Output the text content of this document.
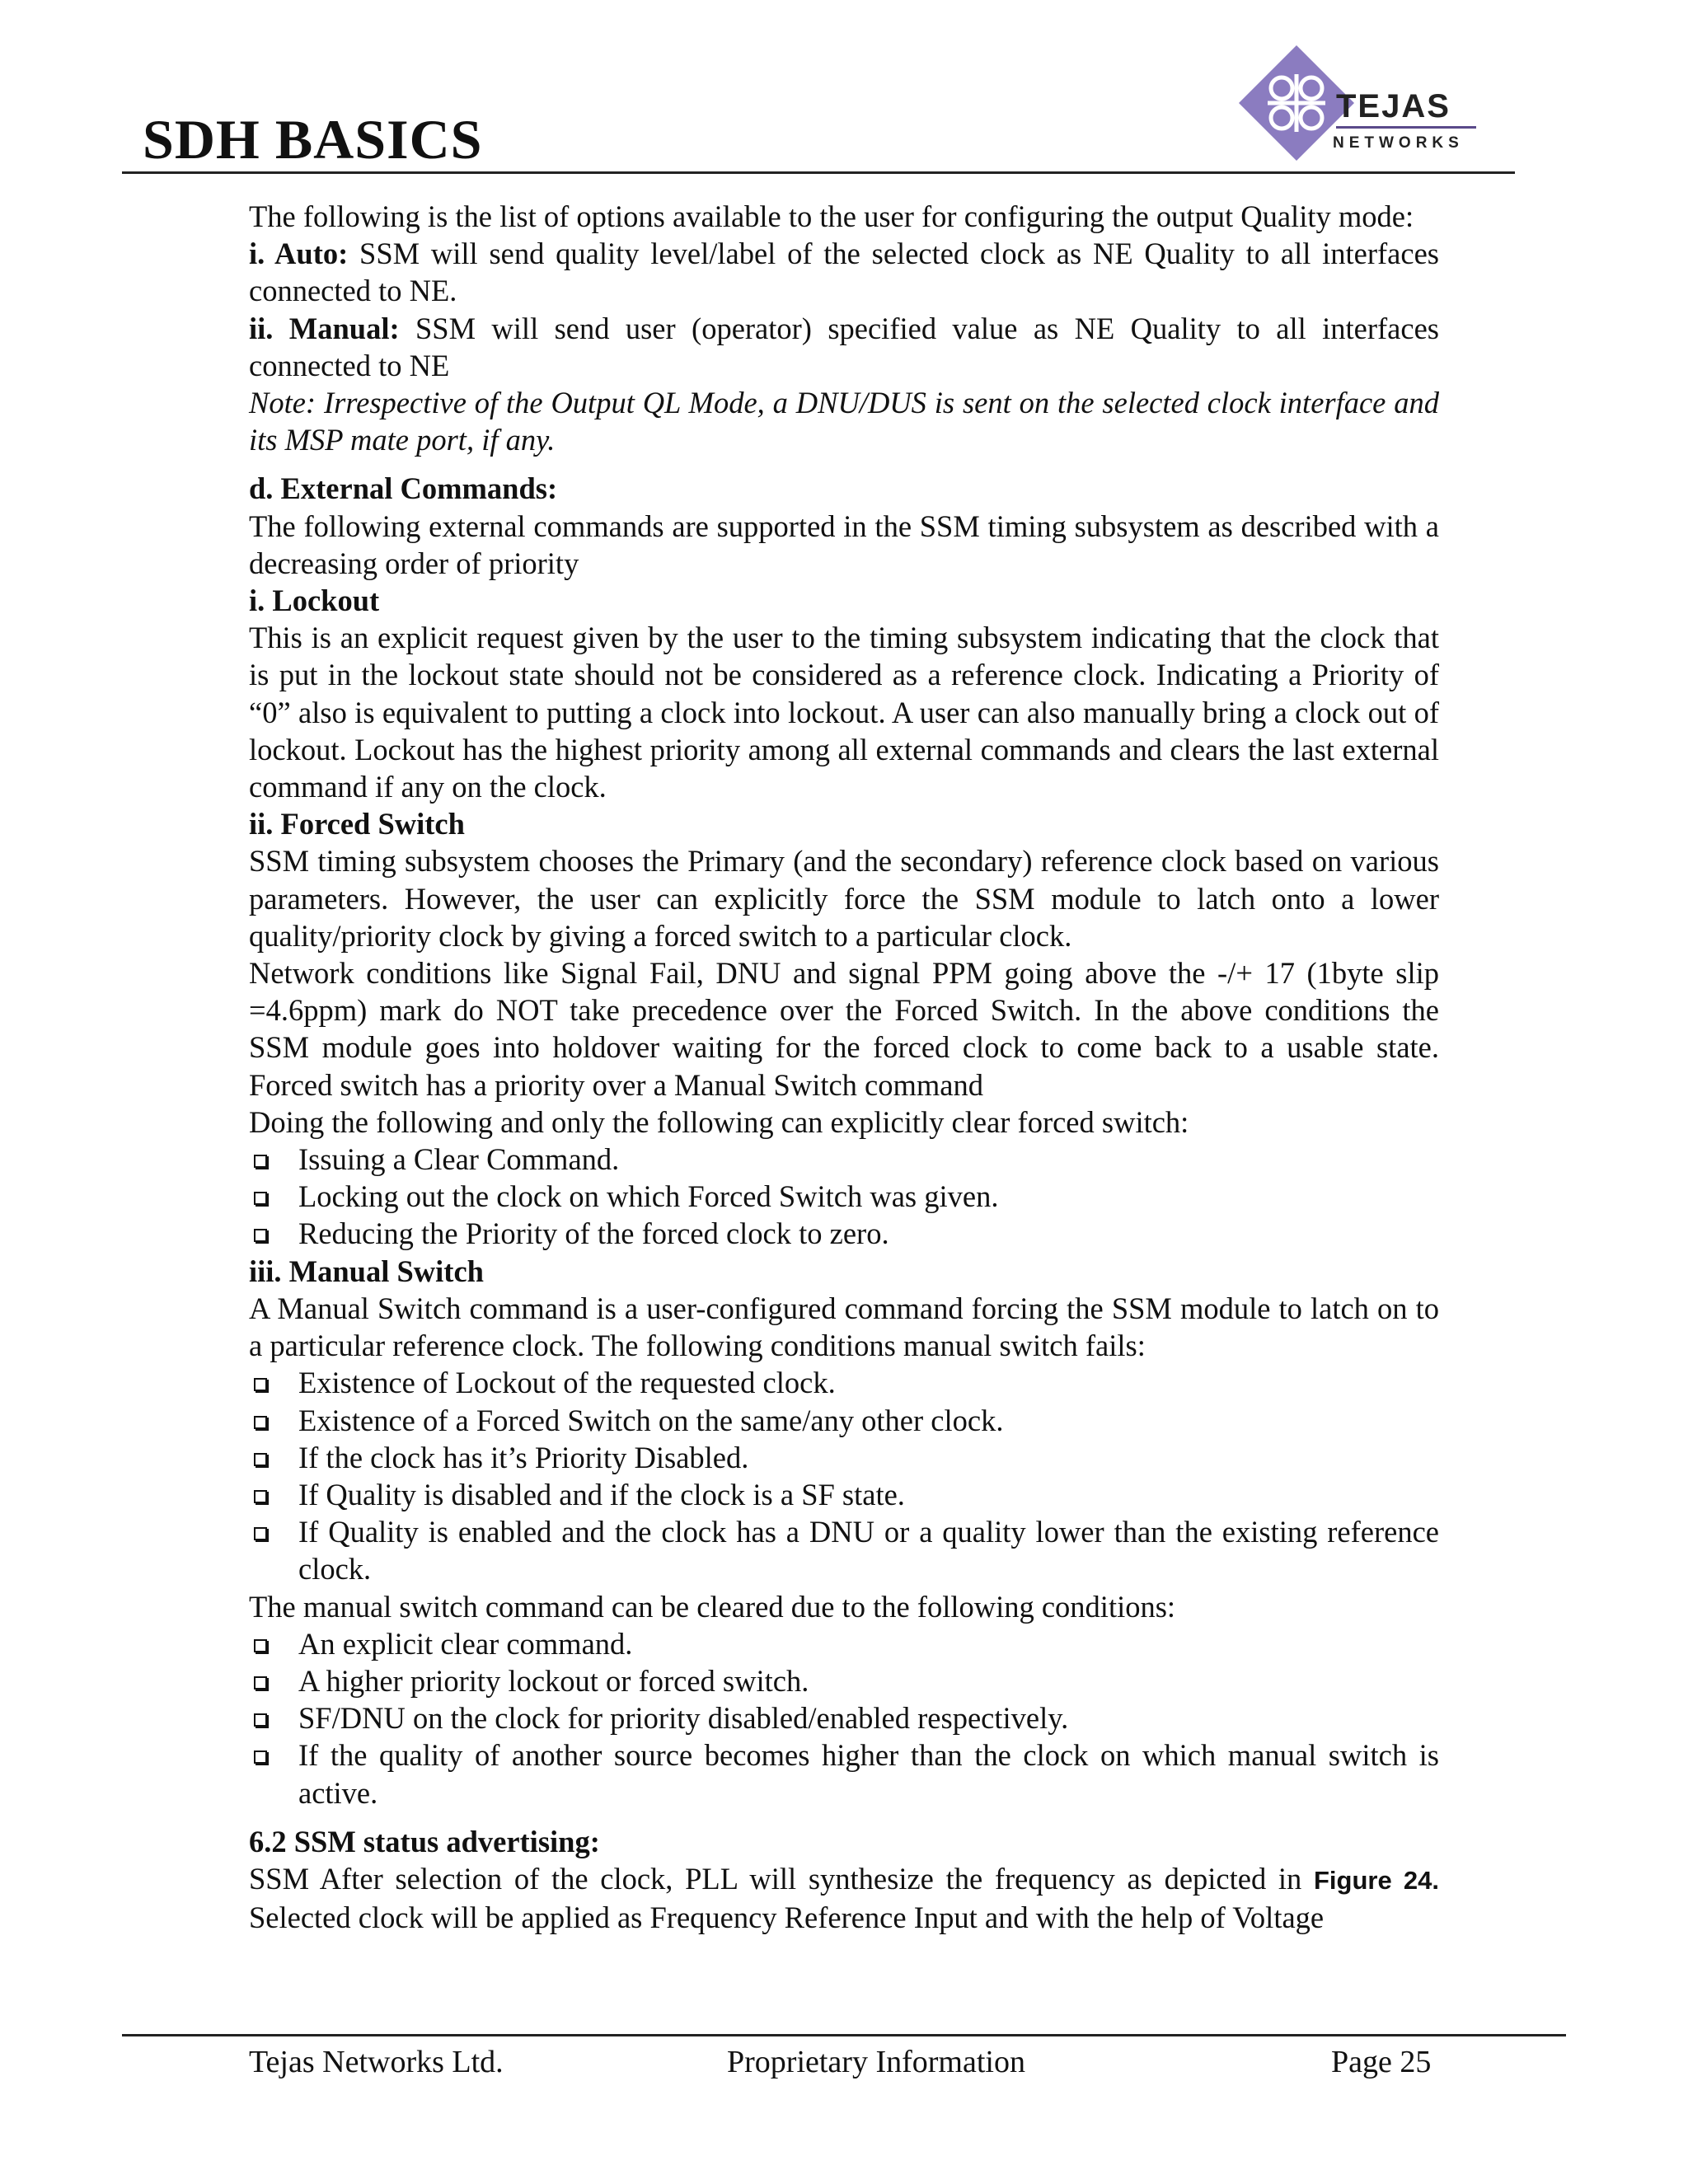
SDH BASICS
TEJAS
NETWORKS

The following is the list of options available to the user for configuring the output Quality mode:

i. Auto: SSM will send quality level/label of the selected clock as NE Quality to all interfaces connected to NE.

ii. Manual: SSM will send user (operator) specified value as NE Quality to all interfaces connected to NE

Note: Irrespective of the Output QL Mode, a DNU/DUS is sent on the selected clock interface and its MSP mate port, if any.

d. External Commands:

The following external commands are supported in the SSM timing subsystem as described with a decreasing order of priority

i. Lockout

This is an explicit request given by the user to the timing subsystem indicating that the clock that is put in the lockout state should not be considered as a reference clock. Indicating a Priority of “0” also is equivalent to putting a clock into lockout. A user can also manually bring a clock out of lockout. Lockout has the highest priority among all external commands and clears the last external command if any on the clock.

ii. Forced Switch

SSM timing subsystem chooses the Primary (and the secondary) reference clock based on various parameters. However, the user can explicitly force the SSM module to latch onto a lower quality/priority clock by giving a forced switch to a particular clock.

Network conditions like Signal Fail, DNU and signal PPM going above the -/+ 17 (1byte slip =4.6ppm) mark do NOT take precedence over the Forced Switch. In the above conditions the SSM module goes into holdover waiting for the forced clock to come back to a usable state. Forced switch has a priority over a Manual Switch command

Doing the following and only the following can explicitly clear forced switch:

Issuing a Clear Command.
Locking out the clock on which Forced Switch was given.
Reducing the Priority of the forced clock to zero.

iii. Manual Switch

A Manual Switch command is a user-configured command forcing the SSM module to latch on to a particular reference clock. The following conditions manual switch fails:

Existence of Lockout of the requested clock.
Existence of a Forced Switch on the same/any other clock.
If the clock has it’s Priority Disabled.
If Quality is disabled and if the clock is a SF state.
If Quality is enabled and the clock has a DNU or a quality lower than the existing reference clock.

The manual switch command can be cleared due to the following conditions:

An explicit clear command.
A higher priority lockout or forced switch.
SF/DNU on the clock for priority disabled/enabled respectively.
If the quality of another source becomes higher than the clock on which manual switch is active.

6.2 SSM status advertising:

SSM After selection of the clock, PLL will synthesize the frequency as depicted in Figure 24. Selected clock will be applied as Frequency Reference Input and with the help of Voltage

Tejas Networks Ltd.	Proprietary Information	Page 25
